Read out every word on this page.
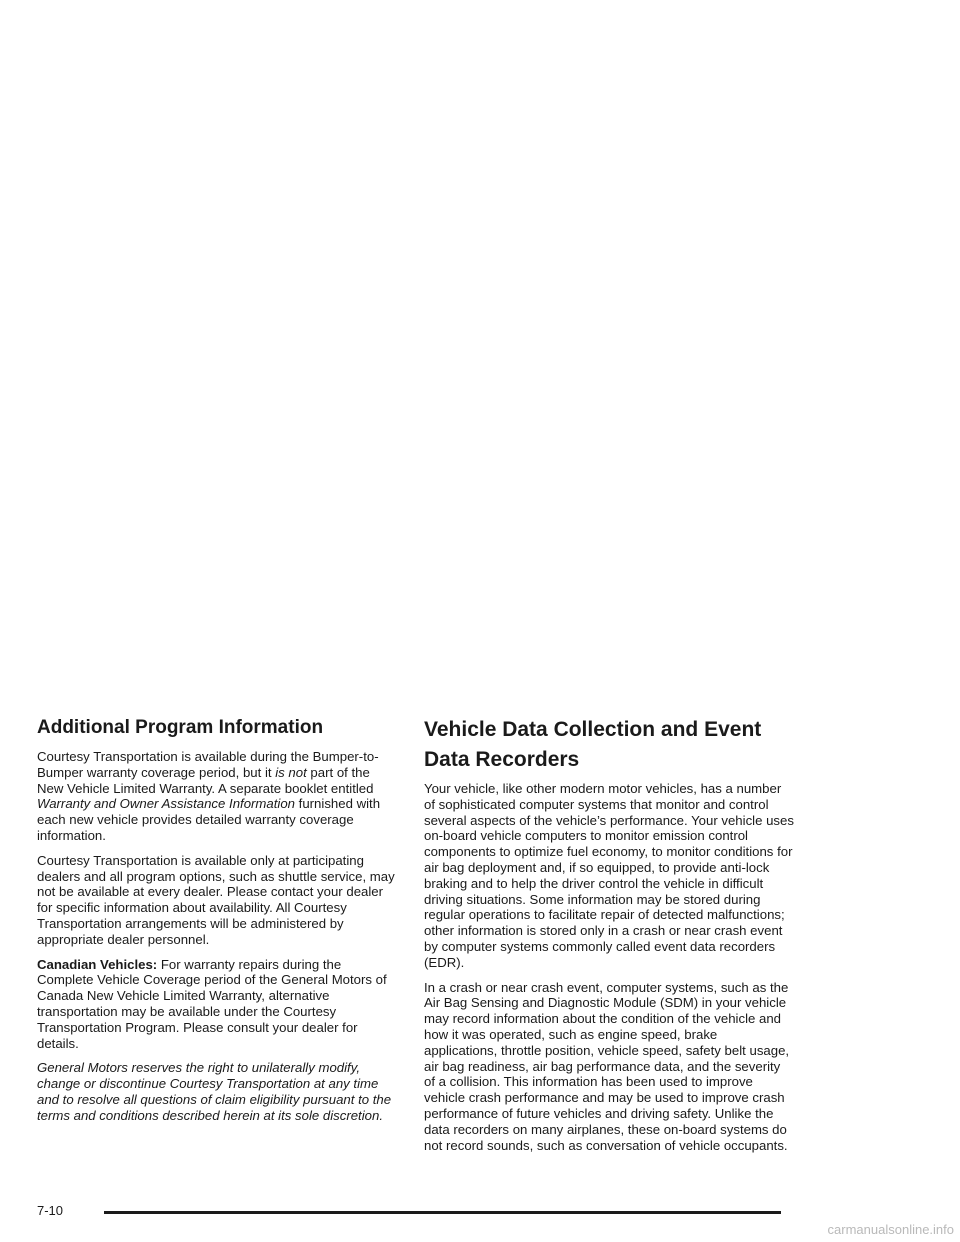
Additional Program Information

Courtesy Transportation is available during the Bumper-to-Bumper warranty coverage period, but it is not part of the New Vehicle Limited Warranty. A separate booklet entitled Warranty and Owner Assistance Information furnished with each new vehicle provides detailed warranty coverage information.

Courtesy Transportation is available only at participating dealers and all program options, such as shuttle service, may not be available at every dealer. Please contact your dealer for specific information about availability. All Courtesy Transportation arrangements will be administered by appropriate dealer personnel.

Canadian Vehicles: For warranty repairs during the Complete Vehicle Coverage period of the General Motors of Canada New Vehicle Limited Warranty, alternative transportation may be available under the Courtesy Transportation Program. Please consult your dealer for details.

General Motors reserves the right to unilaterally modify, change or discontinue Courtesy Transportation at any time and to resolve all questions of claim eligibility pursuant to the terms and conditions described herein at its sole discretion.

Vehicle Data Collection and Event Data Recorders

Your vehicle, like other modern motor vehicles, has a number of sophisticated computer systems that monitor and control several aspects of the vehicle’s performance. Your vehicle uses on-board vehicle computers to monitor emission control components to optimize fuel economy, to monitor conditions for air bag deployment and, if so equipped, to provide anti-lock braking and to help the driver control the vehicle in difficult driving situations. Some information may be stored during regular operations to facilitate repair of detected malfunctions; other information is stored only in a crash or near crash event by computer systems commonly called event data recorders (EDR).

In a crash or near crash event, computer systems, such as the Air Bag Sensing and Diagnostic Module (SDM) in your vehicle may record information about the condition of the vehicle and how it was operated, such as engine speed, brake applications, throttle position, vehicle speed, safety belt usage, air bag readiness, air bag performance data, and the severity of a collision. This information has been used to improve vehicle crash performance and may be used to improve crash performance of future vehicles and driving safety. Unlike the data recorders on many airplanes, these on-board systems do not record sounds, such as conversation of vehicle occupants.

7-10
carmanualsonline.info
